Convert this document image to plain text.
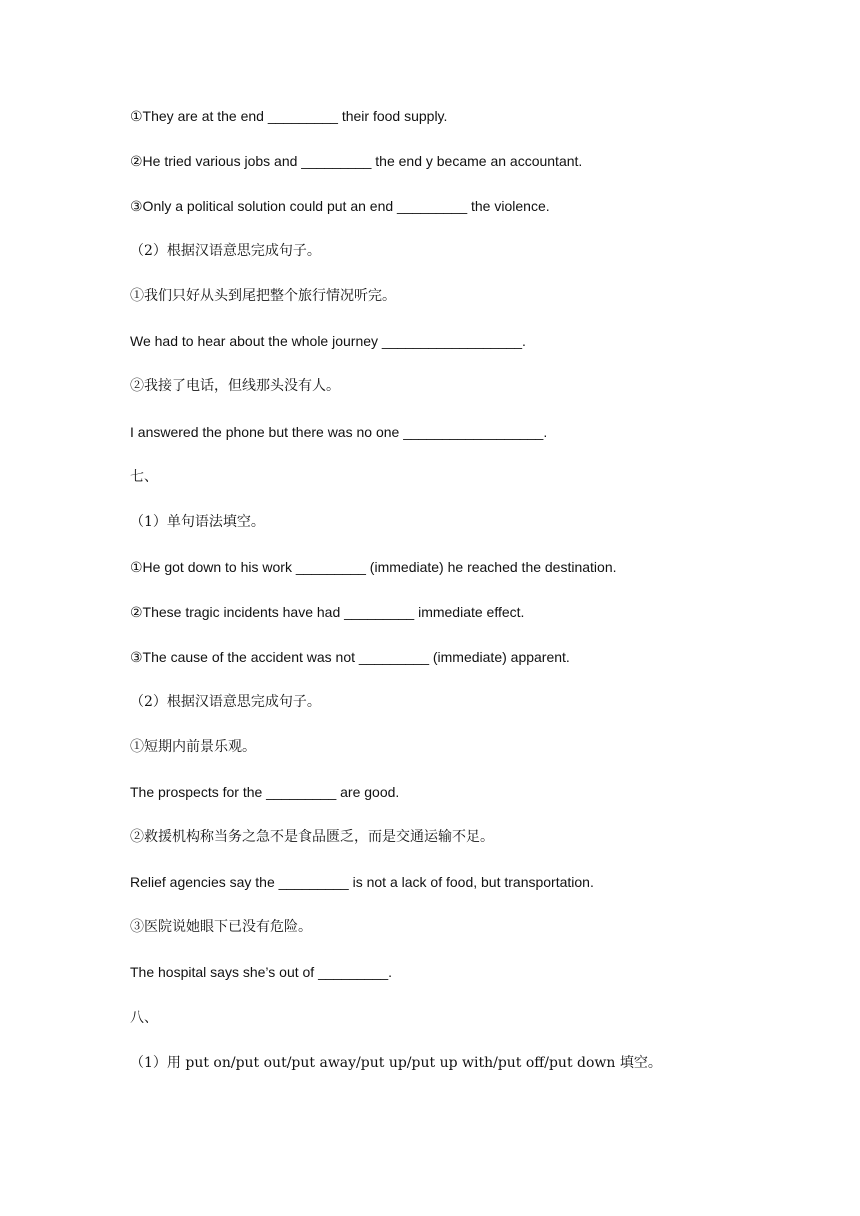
①They are at the end _________ their food supply.
②He tried various jobs and _________ the end y became an accountant.
③Only a political solution could put an end _________ the violence.
（2）根据汉语意思完成句子。
①我们只好从头到尾把整个旅行情况听完。
We had to hear about the whole journey __________________.
②我接了电话，但线那头没有人。
I answered the phone but there was no one __________________.
七、
（1）单句语法填空。
①He got down to his work _________ (immediate) he reached the destination.
②These tragic incidents have had _________ immediate effect.
③The cause of the accident was not _________ (immediate) apparent.
（2）根据汉语意思完成句子。
①短期内前景乐观。
The prospects for the _________ are good.
②救援机构称当务之急不是食品匮乏，而是交通运输不足。
Relief agencies say the _________ is not a lack of food, but transportation.
③医院说她眼下已没有危险。
The hospital says she’s out of _________.
八、
（1）用 put on/put out/put away/put up/put up with/put off/put down 填空。
